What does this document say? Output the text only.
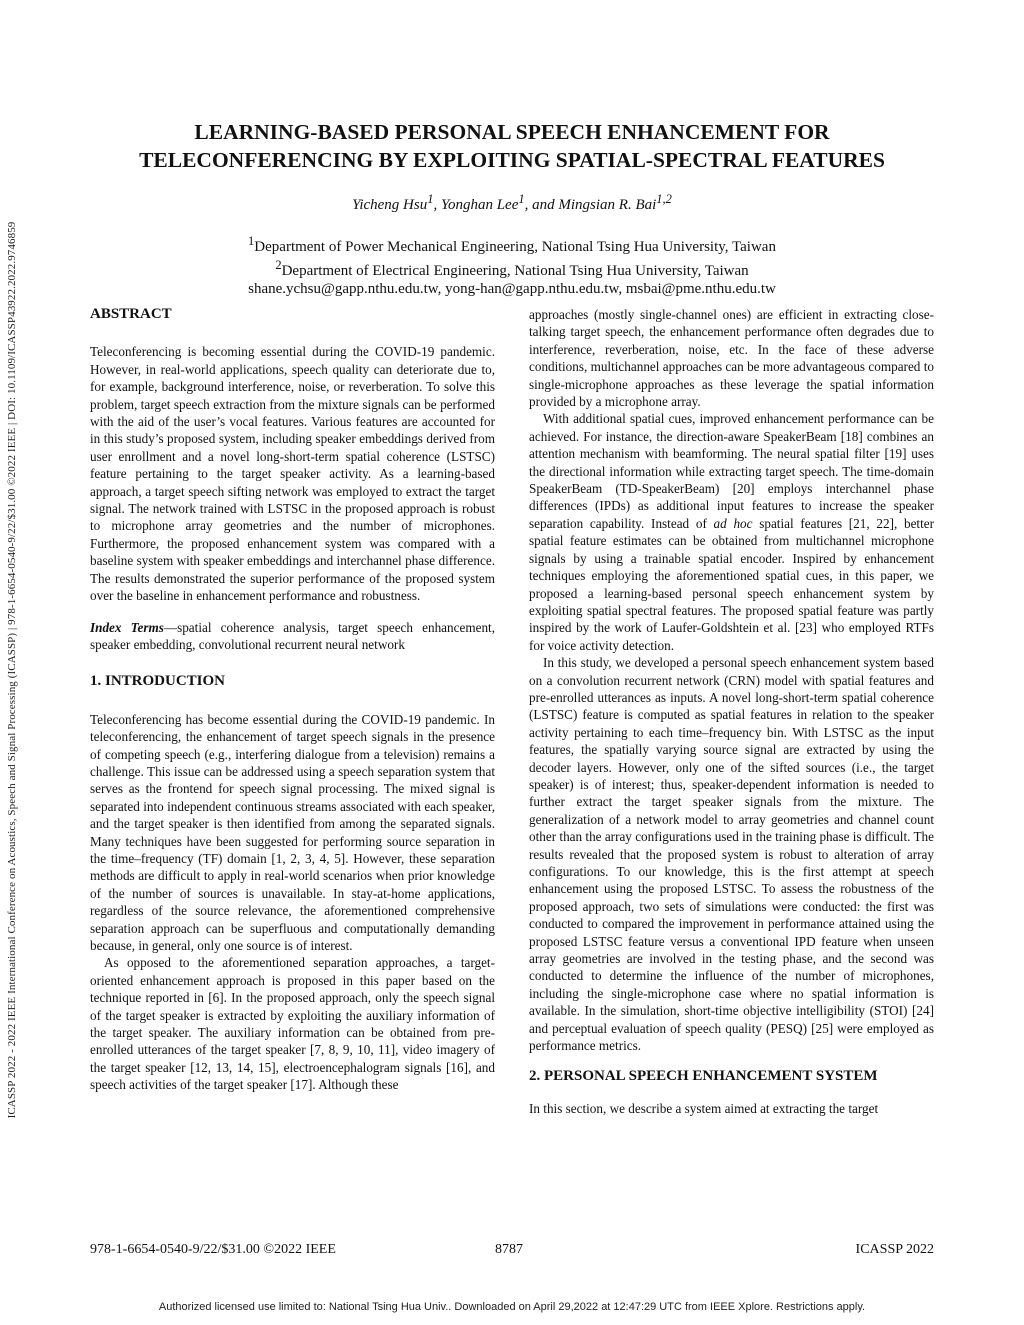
ICASSP 2022 - 2022 IEEE International Conference on Acoustics, Speech and Signal Processing (ICASSP) | 978-1-6654-0540-9/22/$31.00 ©2022 IEEE | DOI: 10.1109/ICASSP43922.2022.9746859
LEARNING-BASED PERSONAL SPEECH ENHANCEMENT FOR
TELECONFERENCING BY EXPLOITING SPATIAL-SPECTRAL FEATURES
Yicheng Hsu$^1$, Yonghan Lee$^1$, and Mingsian R. Bai$^{1,2}$
$^1$Department of Power Mechanical Engineering, National Tsing Hua University, Taiwan
$^2$Department of Electrical Engineering, National Tsing Hua University, Taiwan
shane.ychsu@gapp.nthu.edu.tw, yong-han@gapp.nthu.edu.tw, msbai@pme.nthu.edu.tw

ABSTRACT

Teleconferencing is becoming essential during the COVID-19 pandemic. However, in real-world applications, speech quality can deteriorate due to, for example, background interference, noise, or reverberation. To solve this problem, target speech extraction from the mixture signals can be performed with the aid of the user’s vocal features. Various features are accounted for in this study’s proposed system, including speaker embeddings derived from user enrollment and a novel long-short-term spatial coherence (LSTSC) feature pertaining to the target speaker activity. As a learning-based approach, a target speech sifting network was employed to extract the target signal. The network trained with LSTSC in the proposed approach is robust to microphone array geometries and the number of microphones. Furthermore, the proposed enhancement system was compared with a baseline system with speaker embeddings and interchannel phase difference. The results demonstrated the superior performance of the proposed system over the baseline in enhancement performance and robustness.

Index Terms—spatial coherence analysis, target speech enhancement, speaker embedding, convolutional recurrent neural network

1. INTRODUCTION

Teleconferencing has become essential during the COVID-19 pandemic. In teleconferencing, the enhancement of target speech signals in the presence of competing speech (e.g., interfering dialogue from a television) remains a challenge. This issue can be addressed using a speech separation system that serves as the frontend for speech signal processing. The mixed signal is separated into independent continuous streams associated with each speaker, and the target speaker is then identified from among the separated signals. Many techniques have been suggested for performing source separation in the time–frequency (TF) domain [1, 2, 3, 4, 5]. However, these separation methods are difficult to apply in real-world scenarios when prior knowledge of the number of sources is unavailable. In stay-at-home applications, regardless of the source relevance, the aforementioned comprehensive separation approach can be superfluous and computationally demanding because, in general, only one source is of interest.

As opposed to the aforementioned separation approaches, a target-oriented enhancement approach is proposed in this paper based on the technique reported in [6]. In the proposed approach, only the speech signal of the target speaker is extracted by exploiting the auxiliary information of the target speaker. The auxiliary information can be obtained from pre-enrolled utterances of the target speaker [7, 8, 9, 10, 11], video imagery of the target speaker [12, 13, 14, 15], electroencephalogram signals [16], and speech activities of the target speaker [17]. Although these

approaches (mostly single-channel ones) are efficient in extracting close-talking target speech, the enhancement performance often degrades due to interference, reverberation, noise, etc. In the face of these adverse conditions, multichannel approaches can be more advantageous compared to single-microphone approaches as these leverage the spatial information provided by a microphone array.

With additional spatial cues, improved enhancement performance can be achieved. For instance, the direction-aware SpeakerBeam [18] combines an attention mechanism with beamforming. The neural spatial filter [19] uses the directional information while extracting target speech. The time-domain SpeakerBeam (TD-SpeakerBeam) [20] employs interchannel phase differences (IPDs) as additional input features to increase the speaker separation capability. Instead of ad hoc spatial features [21, 22], better spatial feature estimates can be obtained from multichannel microphone signals by using a trainable spatial encoder. Inspired by enhancement techniques employing the aforementioned spatial cues, in this paper, we proposed a learning-based personal speech enhancement system by exploiting spatial spectral features. The proposed spatial feature was partly inspired by the work of Laufer-Goldshtein et al. [23] who employed RTFs for voice activity detection.

In this study, we developed a personal speech enhancement system based on a convolution recurrent network (CRN) model with spatial features and pre-enrolled utterances as inputs. A novel long-short-term spatial coherence (LSTSC) feature is computed as spatial features in relation to the speaker activity pertaining to each time–frequency bin. With LSTSC as the input features, the spatially varying source signal are extracted by using the decoder layers. However, only one of the sifted sources (i.e., the target speaker) is of interest; thus, speaker-dependent information is needed to further extract the target speaker signals from the mixture. The generalization of a network model to array geometries and channel count other than the array configurations used in the training phase is difficult. The results revealed that the proposed system is robust to alteration of array configurations. To our knowledge, this is the first attempt at speech enhancement using the proposed LSTSC. To assess the robustness of the proposed approach, two sets of simulations were conducted: the first was conducted to compared the improvement in performance attained using the proposed LSTSC feature versus a conventional IPD feature when unseen array geometries are involved in the testing phase, and the second was conducted to determine the influence of the number of microphones, including the single-microphone case where no spatial information is available. In the simulation, short-time objective intelligibility (STOI) [24] and perceptual evaluation of speech quality (PESQ) [25] were employed as performance metrics.

2. PERSONAL SPEECH ENHANCEMENT SYSTEM

In this section, we describe a system aimed at extracting the target

978-1-6654-0540-9/22/$31.00 ©2022 IEEE	8787	ICASSP 2022
Authorized licensed use limited to: National Tsing Hua Univ.. Downloaded on April 29,2022 at 12:47:29 UTC from IEEE Xplore. Restrictions apply.
